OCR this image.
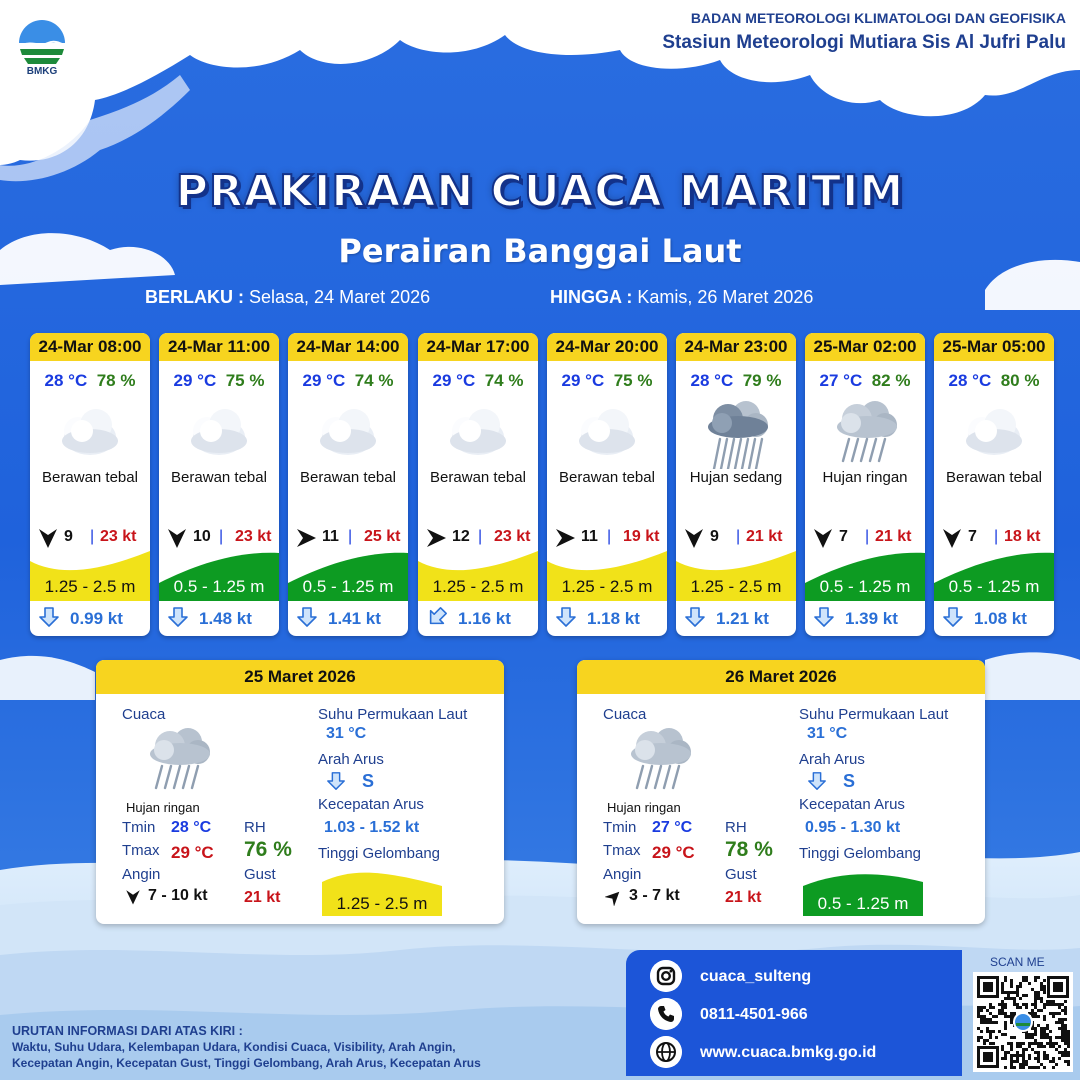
BMKG
BADAN METEOROLOGI KLIMATOLOGI DAN GEOFISIKA
Stasiun Meteorologi Mutiara Sis Al Jufri Palu
PRAKIRAAN CUACA MARITIM
Perairan Banggai Laut
BERLAKU : Selasa, 24 Maret 2026	HINGGA : Kamis, 26 Maret 2026
24-Mar 08:00
28 °C 78 %
Berawan tebal
9 | 23 kt
1.25 - 2.5 m
0.99 kt
24-Mar 11:00
29 °C 75 %
Berawan tebal
10 | 23 kt
0.5 - 1.25 m
1.48 kt
24-Mar 14:00
29 °C 74 %
Berawan tebal
11 | 25 kt
0.5 - 1.25 m
1.41 kt
24-Mar 17:00
29 °C 74 %
Berawan tebal
12 | 23 kt
1.25 - 2.5 m
1.16 kt
24-Mar 20:00
29 °C 75 %
Berawan tebal
11 | 19 kt
1.25 - 2.5 m
1.18 kt
24-Mar 23:00
28 °C 79 %
Hujan sedang
9 | 21 kt
1.25 - 2.5 m
1.21 kt
25-Mar 02:00
27 °C 82 %
Hujan ringan
7 | 21 kt
0.5 - 1.25 m
1.39 kt
25-Mar 05:00
28 °C 80 %
Berawan tebal
7 | 18 kt
0.5 - 1.25 m
1.08 kt
25 Maret 2026
Cuaca
Hujan ringan
Tmin 28 °C
Tmax 29 °C
Angin
7 - 10 kt
RH
76 %
Gust
21 kt
Suhu Permukaan Laut
31 °C
Arah Arus
S
Kecepatan Arus
1.03 - 1.52 kt
Tinggi Gelombang
1.25 - 2.5 m
26 Maret 2026
Cuaca
Hujan ringan
Tmin 27 °C
Tmax 29 °C
Angin
3 - 7 kt
RH
78 %
Gust
21 kt
Suhu Permukaan Laut
31 °C
Arah Arus
S
Kecepatan Arus
0.95 - 1.30 kt
Tinggi Gelombang
0.5 - 1.25 m
cuaca_sulteng
0811-4501-966
www.cuaca.bmkg.go.id
SCAN ME
URUTAN INFORMASI DARI ATAS KIRI :
Waktu, Suhu Udara, Kelembapan Udara, Kondisi Cuaca, Visibility, Arah Angin,
Kecepatan Angin, Kecepatan Gust, Tinggi Gelombang, Arah Arus, Kecepatan Arus
